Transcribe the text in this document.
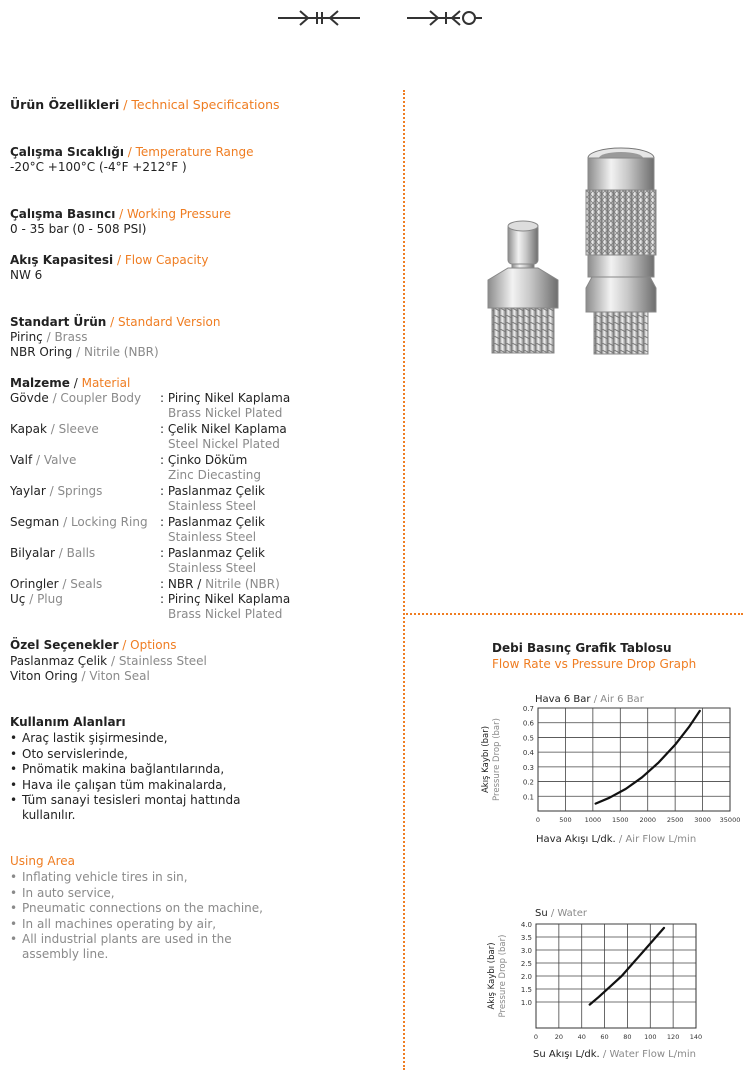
Ürün Özellikleri / Technical Specifications
Çalışma Sıcaklığı / Temperature Range
-20°C +100°C (-4°F +212°F )
Çalışma Basıncı / Working Pressure
0 - 35 bar (0 - 508 PSI)
Akış Kapasitesi / Flow Capacity
NW 6
Standart Ürün / Standard Version
Pirinç / Brass
NBR Oring / Nitrile (NBR)
Malzeme / Material
Gövde / Coupler Body : Pirinç Nikel Kaplama
Brass Nickel Plated
Kapak / Sleeve	: Çelik Nikel Kaplama
Steel Nickel Plated
Valf / Valve	: Çinko Döküm
Zinc Diecasting
Yaylar / Springs	: Paslanmaz Çelik
Stainless Steel
Segman / Locking Ring : Paslanmaz Çelik
Stainless Steel
Bilyalar / Balls	: Paslanmaz Çelik
Stainless Steel
Oringler / Seals	: NBR / Nitrile (NBR)
Uç / Plug	: Pirinç Nikel Kaplama
Brass Nickel Plated
Özel Seçenekler / Options
Paslanmaz Çelik / Stainless Steel
Viton Oring / Viton Seal
Kullanım Alanları
• Araç lastik şişirmesinde,
• Oto servislerinde,
• Pnömatik makina bağlantılarında,
• Hava ile çalışan tüm makinalarda,
• Tüm sanayi tesisleri montaj hattında
kullanılır.
Using Area
• Inflating vehicle tires in sin,
• In auto service,
• Pneumatic connections on the machine,
• In all machines operating by air,
• All industrial plants are used in the
assembly line.
Debi Basınç Grafik Tablosu
Flow Rate vs Pressure Drop Graph
Hava 6 Bar / Air 6 Bar
0.1
0.2
0.3
0.4
0.5
0.6
0.7
0	500 1000 1500 2000 2500 3000 35000
Akış Kaybı (bar) Pressure Drop (bar)
Hava Akışı L/dk. / Air Flow L/min
Su / Water
1.0
1.5
2.0
2.5
3.0
3.5
4.0
0	20 40 60 80 100 120 140
Akış Kaybı (bar) Pressure Drop (bar)
Su Akışı L/dk. / Water Flow L/min
